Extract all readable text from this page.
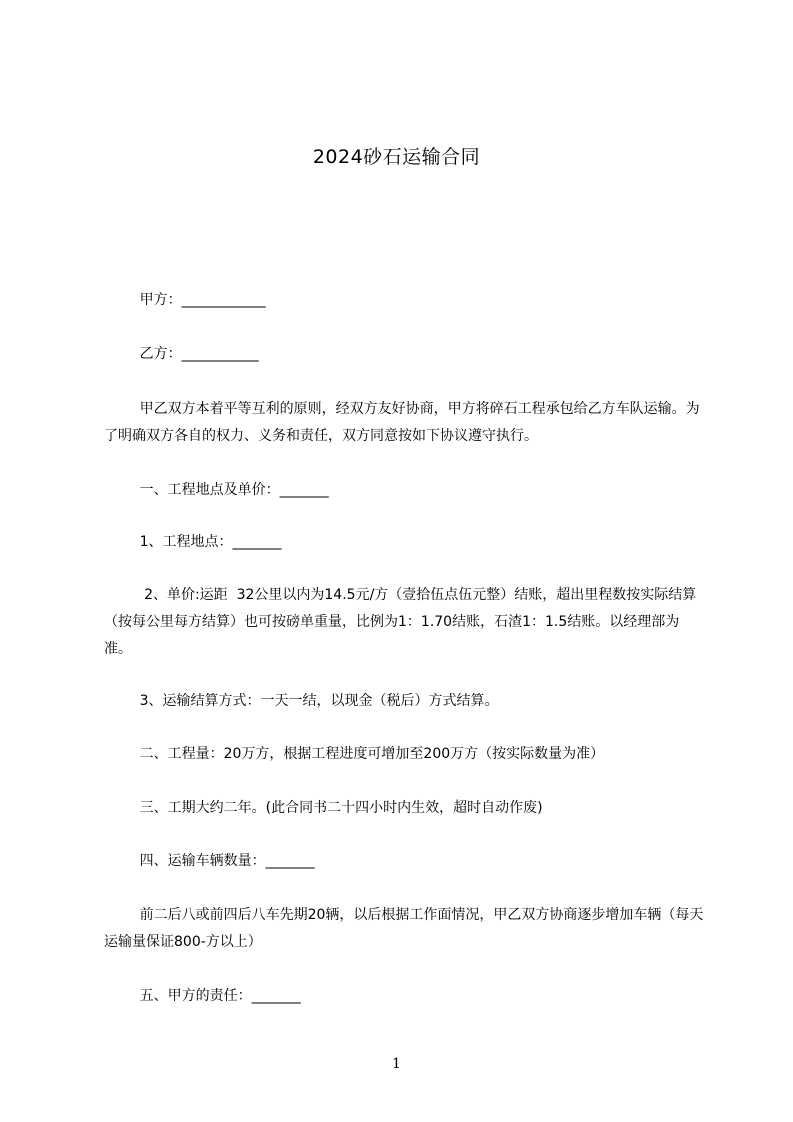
2024砂石运输合同

甲方：____________

乙方：___________

甲乙双方本着平等互利的原则，经双方友好协商，甲方将碎石工程承包给乙方车队运输。为了明确双方各自的权力、义务和责任，双方同意按如下协议遵守执行。

一、工程地点及单价：_______

1、工程地点：_______

2、单价:运距  32公里以内为14.5元/方（壹拾伍点伍元整）结账，超出里程数按实际结算（按每公里每方结算）也可按磅单重量，比例为1：1.70结账，石渣1：1.5结账。以经理部为准。

3、运输结算方式：一天一结，以现金（税后）方式结算。

二、工程量：20万方，根据工程进度可增加至200万方（按实际数量为准）

三、工期大约二年。(此合同书二十四小时内生效，超时自动作废)

四、运输车辆数量：_______

前二后八或前四后八车先期20辆，以后根据工作面情况，甲乙双方协商逐步增加车辆（每天运输量保证800-方以上）

五、甲方的责任：_______

1
